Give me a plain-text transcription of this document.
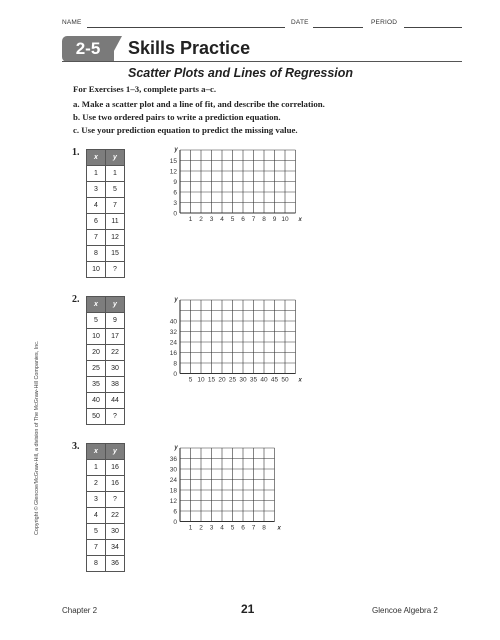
NAME	DATE	PERIOD
2-5	Skills Practice
Scatter Plots and Lines of Regression
For Exercises 1–3, complete parts a–c.
a. Make a scatter plot and a line of fit, and describe the correlation.
b. Use two ordered pairs to write a prediction equation.
c. Use your prediction equation to predict the missing value.
1. x	y
1	1
3	5
4	7
6	11
7	12
8	15
10	?
1 2 3 4 5 6 7 8 9 10
3
6
9
12
15
0
x
y
2. x	y
5	9
10	17
20	22
25	30
35	38
40	44
50	?
5 10 15 20 25 30 35 40 45 50
8
16
24
32
40
0
x
y
3. x	y
1	16
2	16
3	?
4	22
5	30
7	34
8	36
1 2 3 4 5 6 7 8
6
12
18
24
30
36
0
x
y
Copyright © Glencoe/McGraw-Hill, a division of The McGraw-Hill Companies, Inc.
Chapter 2	21	Glencoe Algebra 2
